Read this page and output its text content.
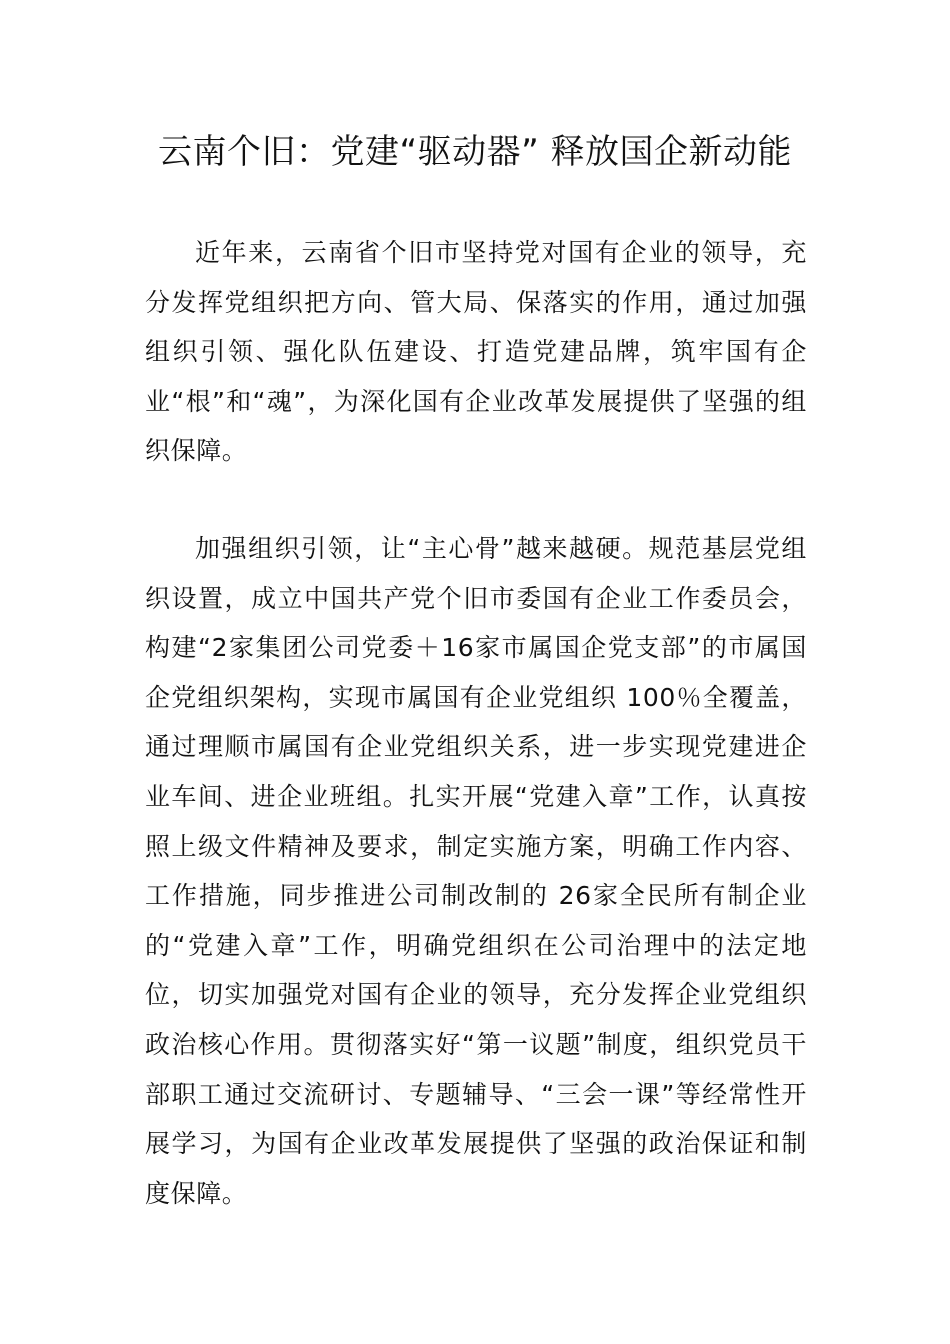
云南个旧：党建“驱动器” 释放国企新动能

近年来，云南省个旧市坚持党对国有企业的领导，充分发挥党组织把方向、管大局、保落实的作用，通过加强组织引领、强化队伍建设、打造党建品牌，筑牢国有企业“根”和“魂”，为深化国有企业改革发展提供了坚强的组织保障。

加强组织引领，让“主心骨”越来越硬。规范基层党组织设置，成立中国共产党个旧市委国有企业工作委员会，构建“2家集团公司党委＋16家市属国企党支部”的市属国企党组织架构，实现市属国有企业党组织 100％全覆盖，通过理顺市属国有企业党组织关系，进一步实现党建进企业车间、进企业班组。扎实开展“党建入章”工作，认真按照上级文件精神及要求，制定实施方案，明确工作内容、工作措施，同步推进公司制改制的 26家全民所有制企业的“党建入章”工作，明确党组织在公司治理中的法定地位，切实加强党对国有企业的领导，充分发挥企业党组织政治核心作用。贯彻落实好“第一议题”制度，组织党员干部职工通过交流研讨、专题辅导、“三会一课”等经常性开展学习，为国有企业改革发展提供了坚强的政治保证和制度保障。
